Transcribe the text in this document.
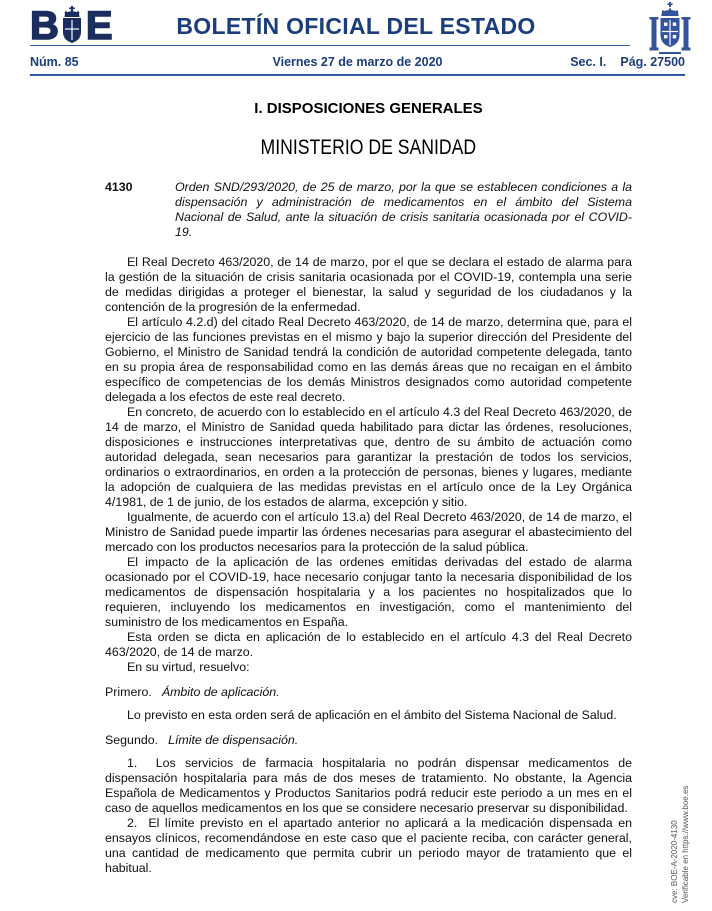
B E	BOLETÍN OFICIAL DEL ESTADO
Núm. 85	Viernes 27 de marzo de 2020	Sec. I. Pág. 27500
I. DISPOSICIONES GENERALES
MINISTERIO DE SANIDAD
4130	Orden SND/293/2020, de 25 de marzo, por la que se establecen condiciones a la dispensación y administración de medicamentos en el ámbito del Sistema Nacional de Salud, ante la situación de crisis sanitaria ocasionada por el COVID-19.

El Real Decreto 463/2020, de 14 de marzo, por el que se declara el estado de alarma para la gestión de la situación de crisis sanitaria ocasionada por el COVID-19, contempla una serie de medidas dirigidas a proteger el bienestar, la salud y seguridad de los ciudadanos y la contención de la progresión de la enfermedad.

El artículo 4.2.d) del citado Real Decreto 463/2020, de 14 de marzo, determina que, para el ejercicio de las funciones previstas en el mismo y bajo la superior dirección del Presidente del Gobierno, el Ministro de Sanidad tendrá la condición de autoridad competente delegada, tanto en su propia área de responsabilidad como en las demás áreas que no recaigan en el ámbito específico de competencias de los demás Ministros designados como autoridad competente delegada a los efectos de este real decreto.

En concreto, de acuerdo con lo establecido en el artículo 4.3 del Real Decreto 463/2020, de 14 de marzo, el Ministro de Sanidad queda habilitado para dictar las órdenes, resoluciones, disposiciones e instrucciones interpretativas que, dentro de su ámbito de actuación como autoridad delegada, sean necesarios para garantizar la prestación de todos los servicios, ordinarios o extraordinarios, en orden a la protección de personas, bienes y lugares, mediante la adopción de cualquiera de las medidas previstas en el artículo once de la Ley Orgánica 4/1981, de 1 de junio, de los estados de alarma, excepción y sitio.

Igualmente, de acuerdo con el artículo 13.a) del Real Decreto 463/2020, de 14 de marzo, el Ministro de Sanidad puede impartir las órdenes necesarias para asegurar el abastecimiento del mercado con los productos necesarios para la protección de la salud pública.

El impacto de la aplicación de las ordenes emitidas derivadas del estado de alarma ocasionado por el COVID-19, hace necesario conjugar tanto la necesaria disponibilidad de los medicamentos de dispensación hospitalaria y a los pacientes no hospitalizados que lo requieren, incluyendo los medicamentos en investigación, como el mantenimiento del suministro de los medicamentos en España.

Esta orden se dicta en aplicación de lo establecido en el artículo 4.3 del Real Decreto 463/2020, de 14 de marzo.

En su virtud, resuelvo:

Primero. Ámbito de aplicación.

Lo previsto en esta orden será de aplicación en el ámbito del Sistema Nacional de Salud.

Segundo. Límite de dispensación.

1.  Los servicios de farmacia hospitalaria no podrán dispensar medicamentos de dispensación hospitalaria para más de dos meses de tratamiento. No obstante, la Agencia Española de Medicamentos y Productos Sanitarios podrá reducir este periodo a un mes en el caso de aquellos medicamentos en los que se considere necesario preservar su disponibilidad.

2.  El límite previsto en el apartado anterior no aplicará a la medicación dispensada en ensayos clínicos, recomendándose en este caso que el paciente reciba, con carácter general, una cantidad de medicamento que permita cubrir un periodo mayor de tratamiento que el habitual.	cve: BOE-A-2020-4130 Verificable en https://www.boe.es
